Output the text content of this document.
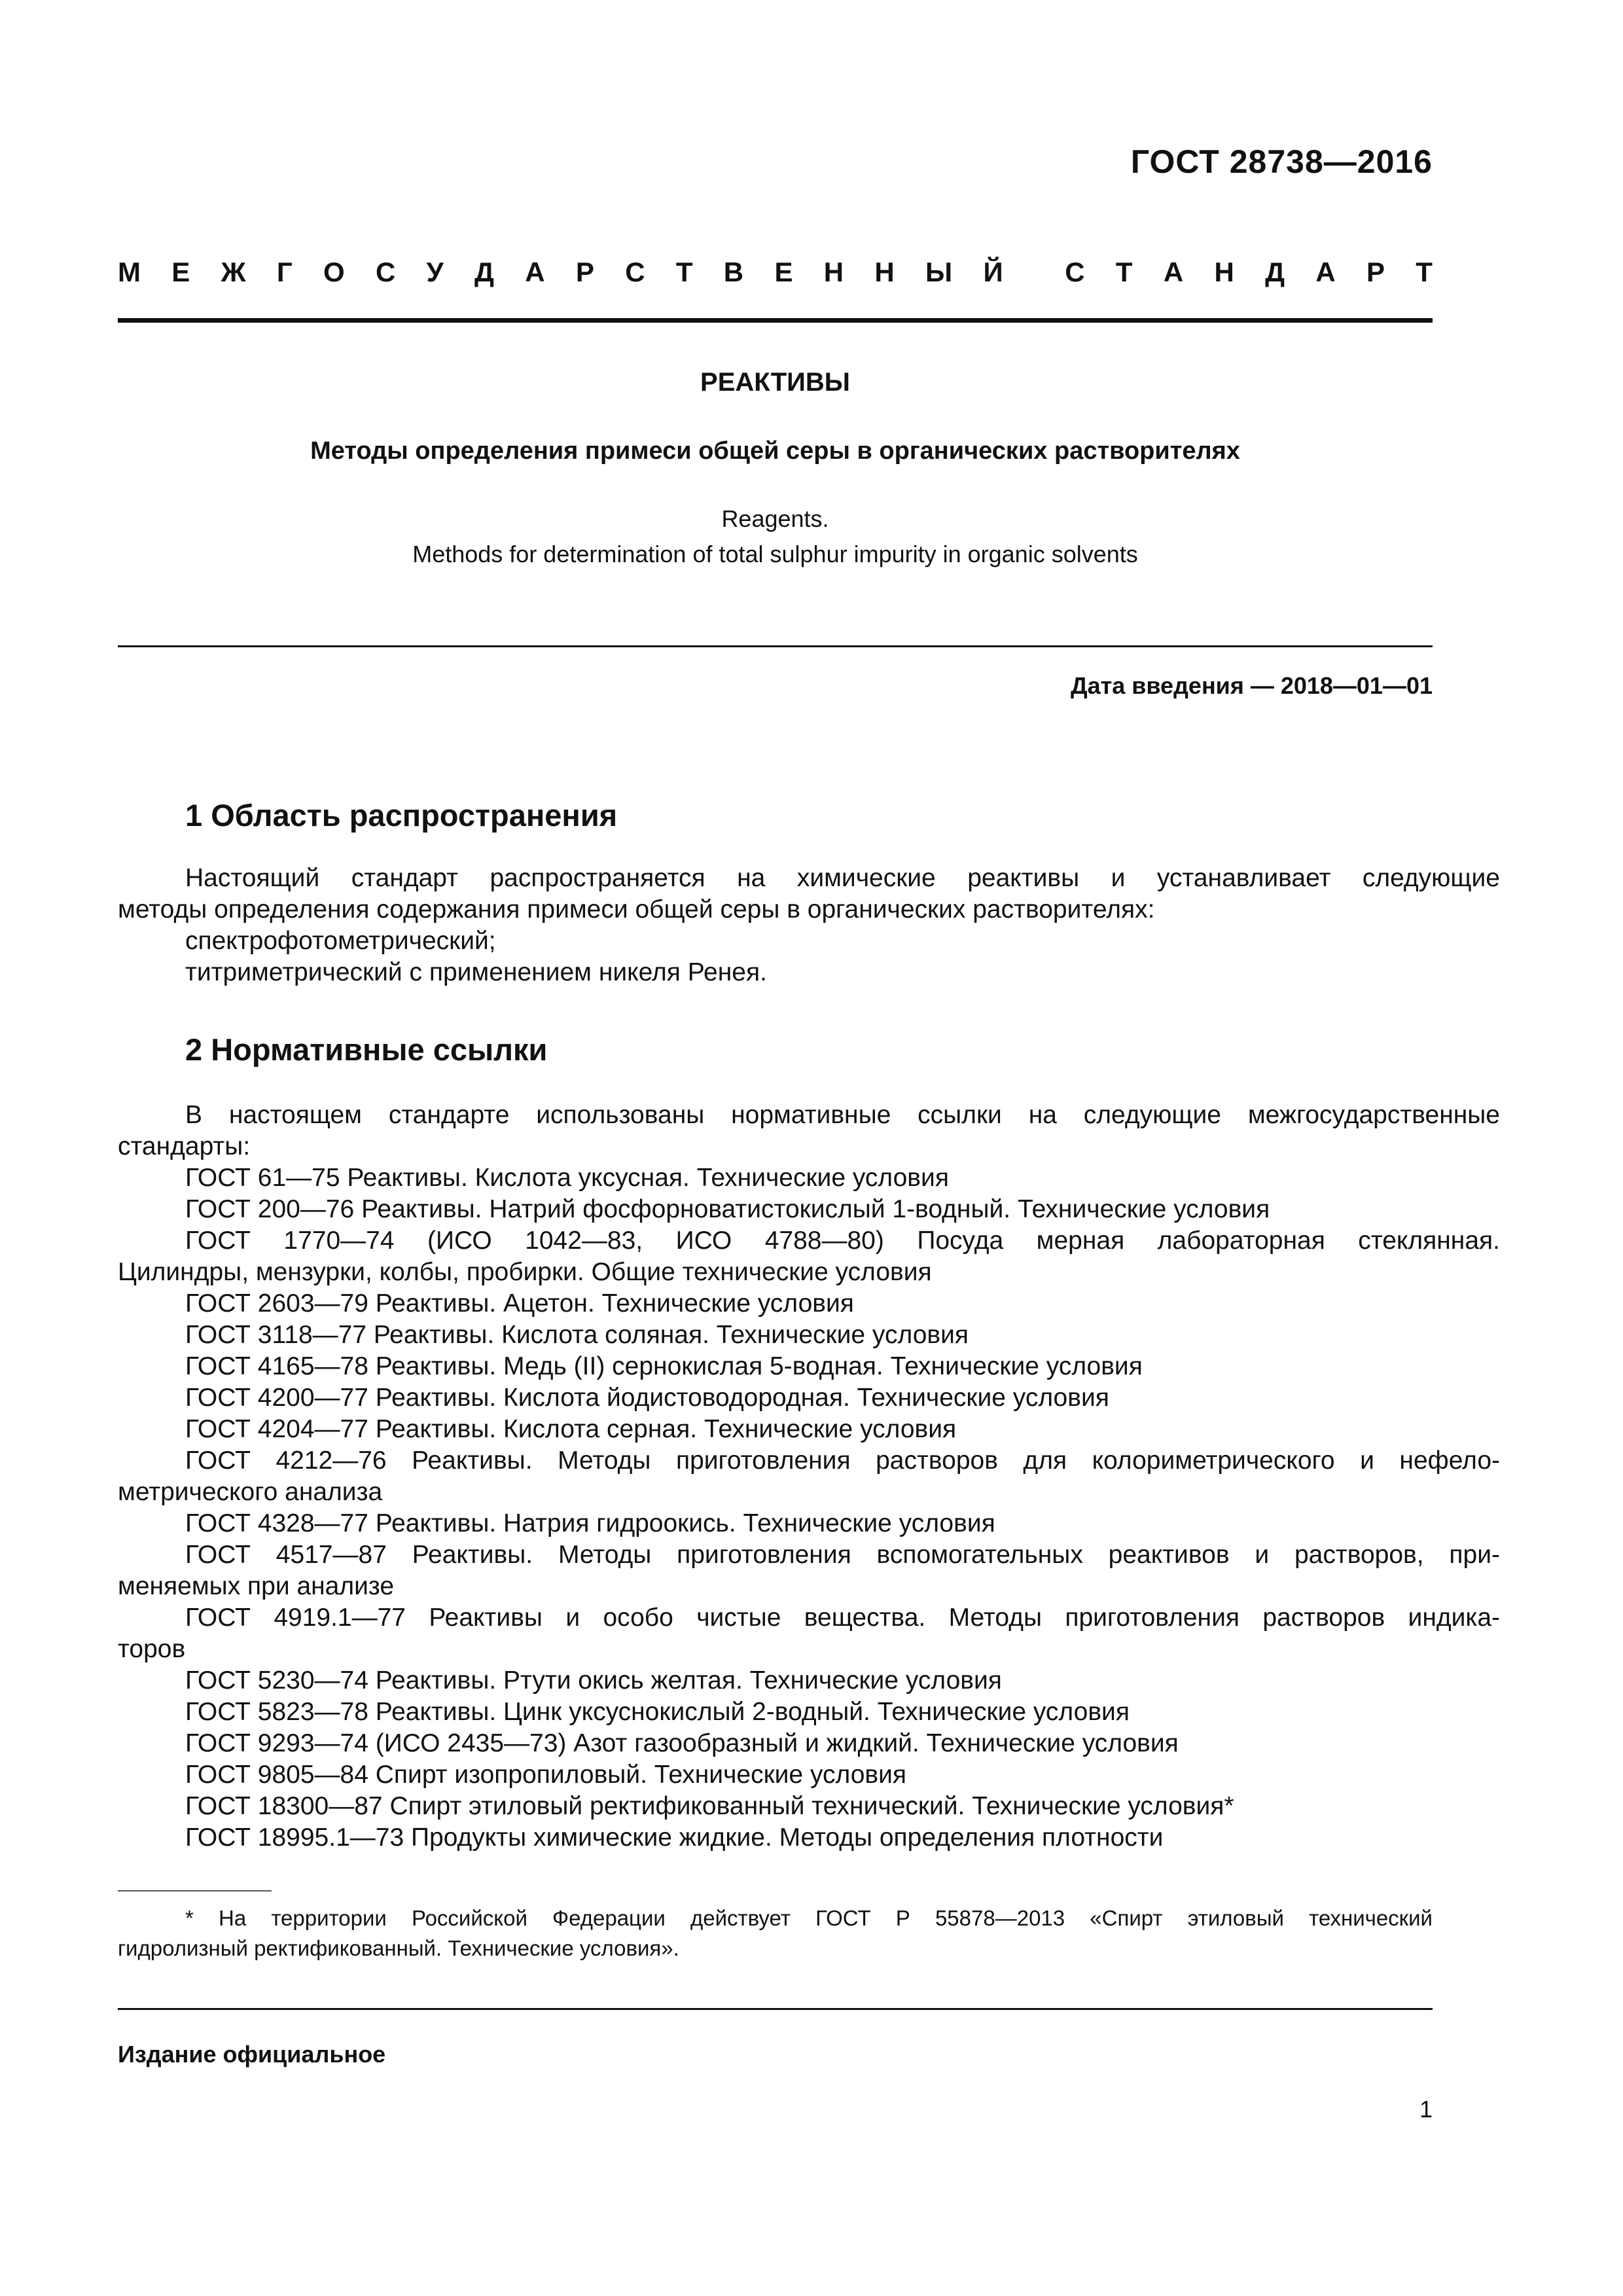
ГОСТ 28738—2016
М Е Ж Г О С У Д А Р С Т В Е Н Н Ы Й С Т А Н Д А Р Т
РЕАКТИВЫ
Методы определения примеси общей серы в органических растворителях
Reagents.
Methods for determination of total sulphur impurity in organic solvents
Дата введения — 2018—01—01
1 Область распространения
Настоящий стандарт распространяется на химические реактивы и устанавливает следующие
методы определения содержания примеси общей серы в органических растворителях:
спектрофотометрический;
титриметрический с применением никеля Ренея.
2 Нормативные ссылки
В настоящем стандарте использованы нормативные ссылки на следующие межгосударственные
стандарты:
ГОСТ 61—75 Реактивы. Кислота уксусная. Технические условия
ГОСТ 200—76 Реактивы. Натрий фосфорноватистокислый 1-водный. Технические условия
ГОСТ 1770—74 (ИСО 1042—83, ИСО 4788—80) Посуда мерная лабораторная стеклянная.
Цилиндры, мензурки, колбы, пробирки. Общие технические условия
ГОСТ 2603—79 Реактивы. Ацетон. Технические условия
ГОСТ 3118—77 Реактивы. Кислота соляная. Технические условия
ГОСТ 4165—78 Реактивы. Медь (II) сернокислая 5-водная. Технические условия
ГОСТ 4200—77 Реактивы. Кислота йодистоводородная. Технические условия
ГОСТ 4204—77 Реактивы. Кислота серная. Технические условия
ГОСТ 4212—76 Реактивы. Методы приготовления растворов для колориметрического и нефело-
метрического анализа
ГОСТ 4328—77 Реактивы. Натрия гидроокись. Технические условия
ГОСТ 4517—87 Реактивы. Методы приготовления вспомогательных реактивов и растворов, при-
меняемых при анализе
ГОСТ 4919.1—77 Реактивы и особо чистые вещества. Методы приготовления растворов индика-
торов
ГОСТ 5230—74 Реактивы. Ртути окись желтая. Технические условия
ГОСТ 5823—78 Реактивы. Цинк уксуснокислый 2-водный. Технические условия
ГОСТ 9293—74 (ИСО 2435—73) Азот газообразный и жидкий. Технические условия
ГОСТ 9805—84 Спирт изопропиловый. Технические условия
ГОСТ 18300—87 Спирт этиловый ректификованный технический. Технические условия*
ГОСТ 18995.1—73 Продукты химические жидкие. Методы определения плотности
* На территории Российской Федерации действует ГОСТ Р 55878—2013 «Спирт этиловый технический
гидролизный ректификованный. Технические условия».
Издание официальное
1
